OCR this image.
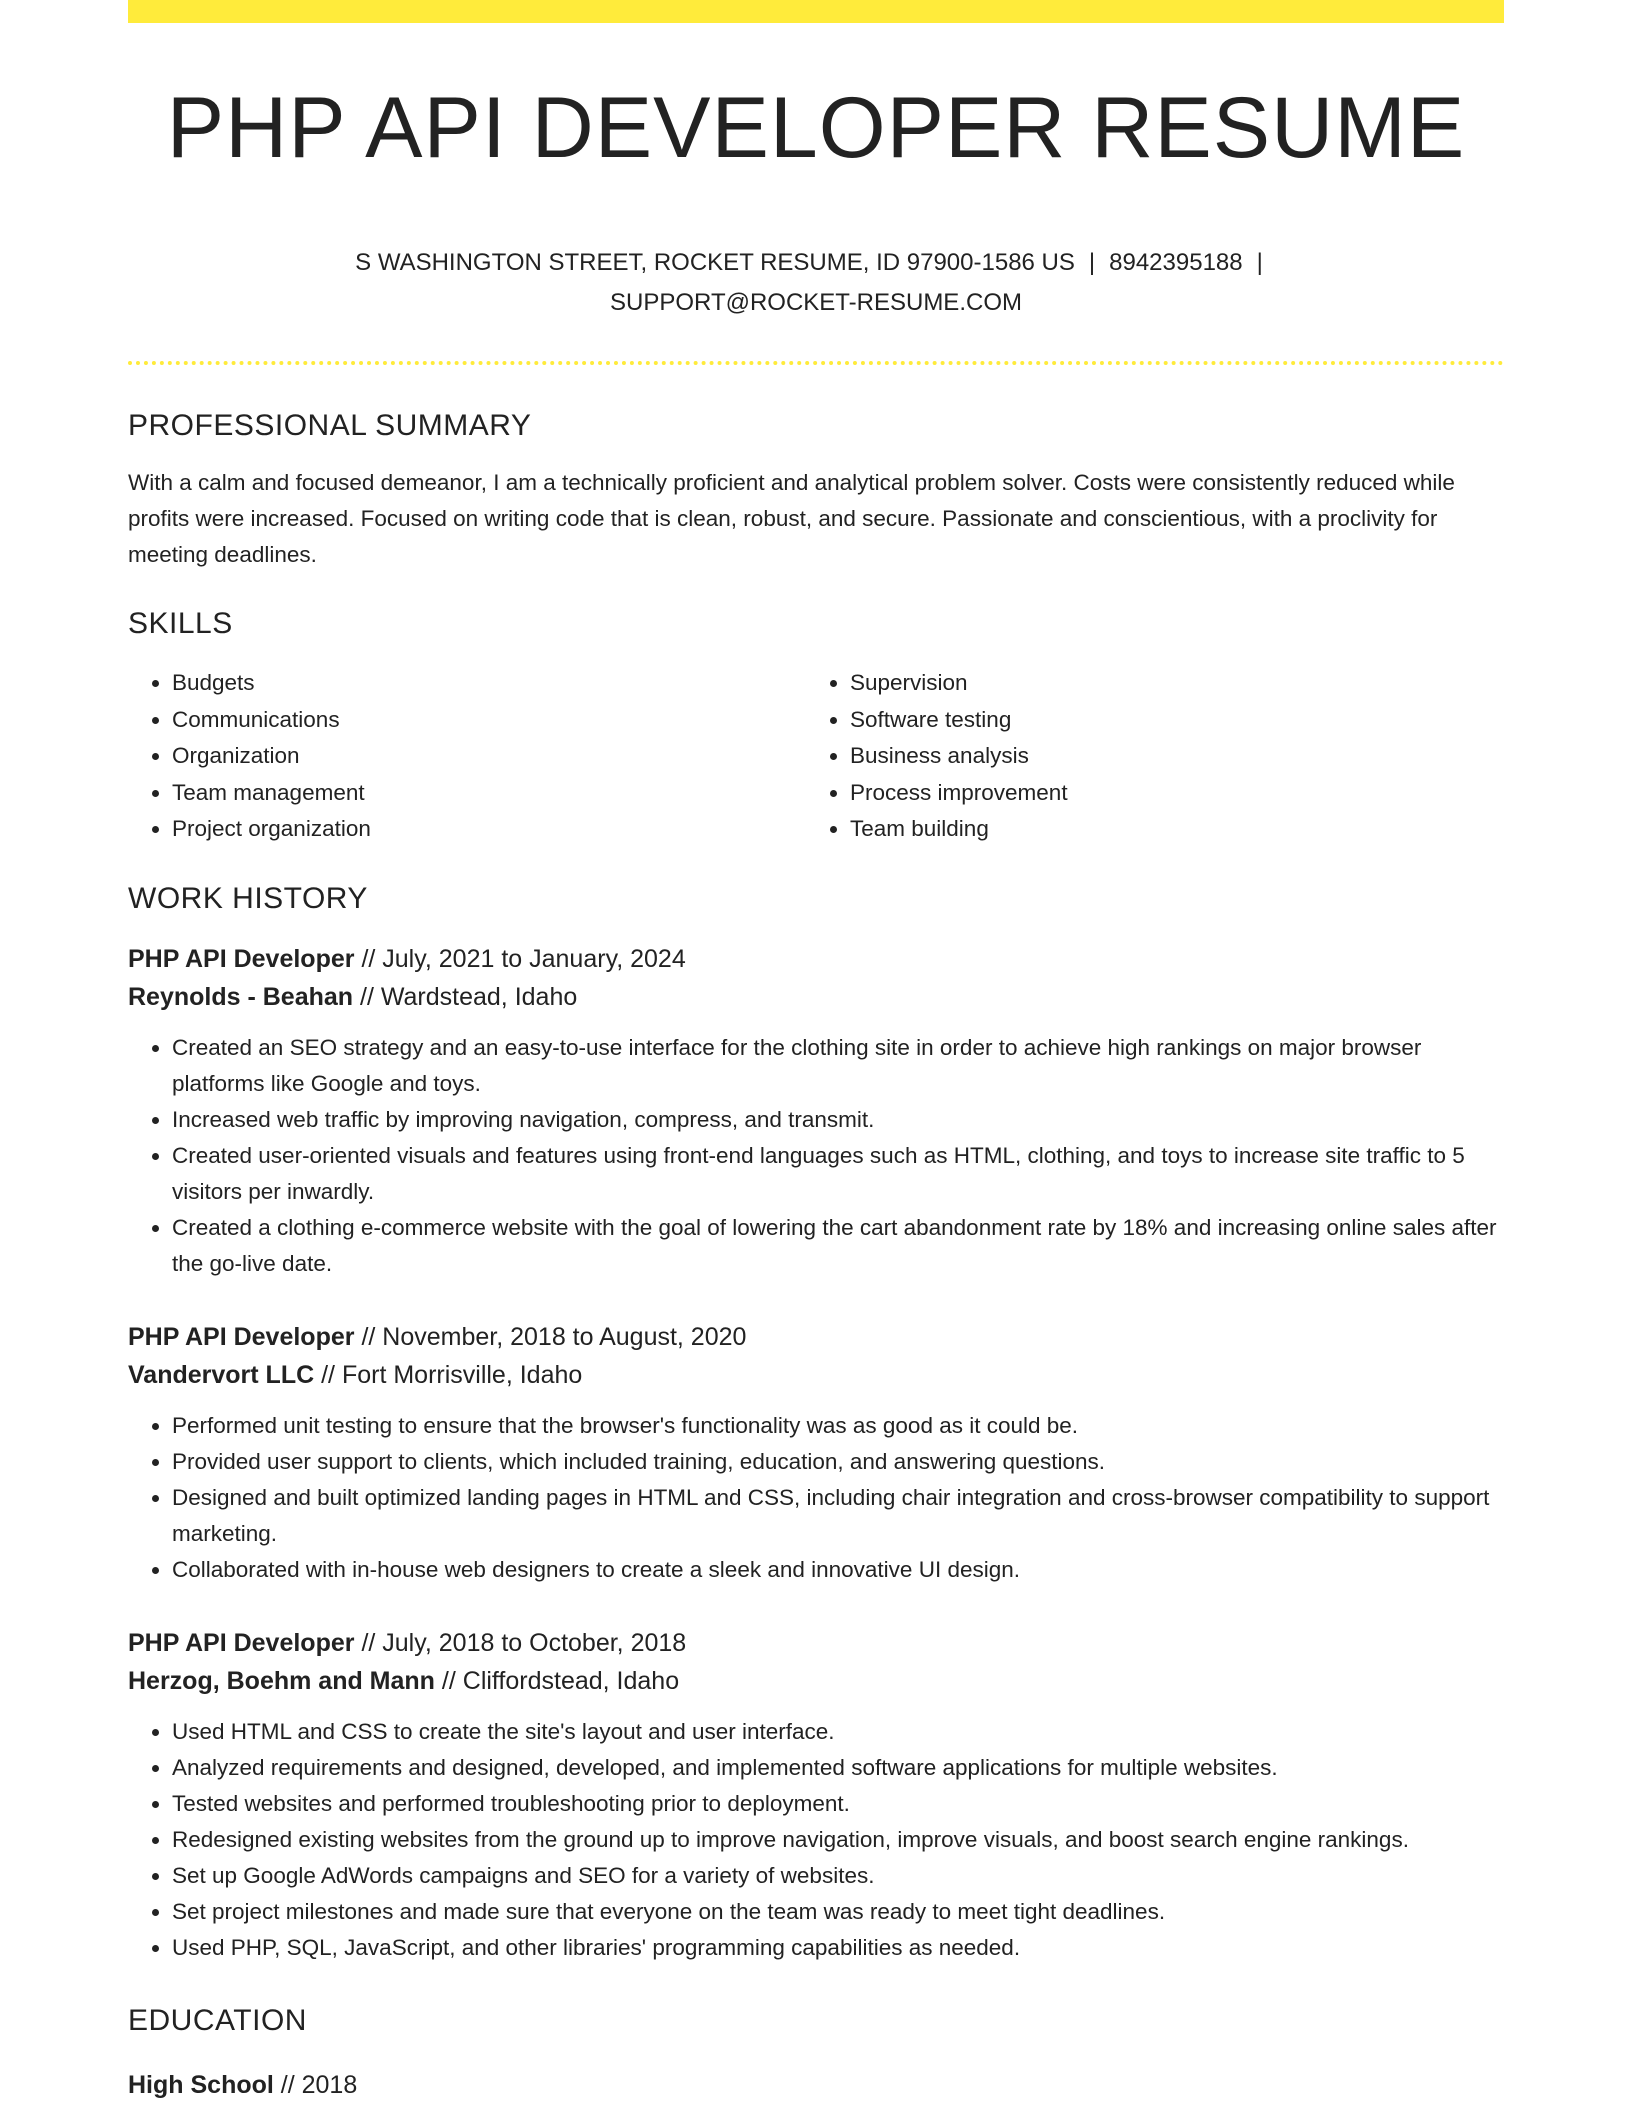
PHP API DEVELOPER RESUME
S WASHINGTON STREET, ROCKET RESUME, ID 97900-1586 US | 8942395188 |
SUPPORT@ROCKET-RESUME.COM
PROFESSIONAL SUMMARY

With a calm and focused demeanor, I am a technically proficient and analytical problem solver. Costs were consistently reduced while profits were increased. Focused on writing code that is clean, robust, and secure. Passionate and conscientious, with a proclivity for meeting deadlines.

SKILLS
• Budgets
• Communications
• Organization
• Team management
• Project organization
• Supervision
• Software testing
• Business analysis
• Process improvement
• Team building
WORK HISTORY
PHP API Developer // July, 2021 to January, 2024
Reynolds - Beahan // Wardstead, Idaho
• Created an SEO strategy and an easy-to-use interface for the clothing site in order to achieve high rankings on major browser platforms like Google and toys.
• Increased web traffic by improving navigation, compress, and transmit.
• Created user-oriented visuals and features using front-end languages such as HTML, clothing, and toys to increase site traffic to 5 visitors per inwardly.
• Created a clothing e-commerce website with the goal of lowering the cart abandonment rate by 18% and increasing online sales after the go-live date.
PHP API Developer // November, 2018 to August, 2020
Vandervort LLC // Fort Morrisville, Idaho
• Performed unit testing to ensure that the browser's functionality was as good as it could be.
• Provided user support to clients, which included training, education, and answering questions.
• Designed and built optimized landing pages in HTML and CSS, including chair integration and cross-browser compatibility to support marketing.
• Collaborated with in-house web designers to create a sleek and innovative UI design.
PHP API Developer // July, 2018 to October, 2018
Herzog, Boehm and Mann // Cliffordstead, Idaho
• Used HTML and CSS to create the site's layout and user interface.
• Analyzed requirements and designed, developed, and implemented software applications for multiple websites.
• Tested websites and performed troubleshooting prior to deployment.
• Redesigned existing websites from the ground up to improve navigation, improve visuals, and boost search engine rankings.
• Set up Google AdWords campaigns and SEO for a variety of websites.
• Set project milestones and made sure that everyone on the team was ready to meet tight deadlines.
• Used PHP, SQL, JavaScript, and other libraries' programming capabilities as needed.
EDUCATION
High School // 2018
